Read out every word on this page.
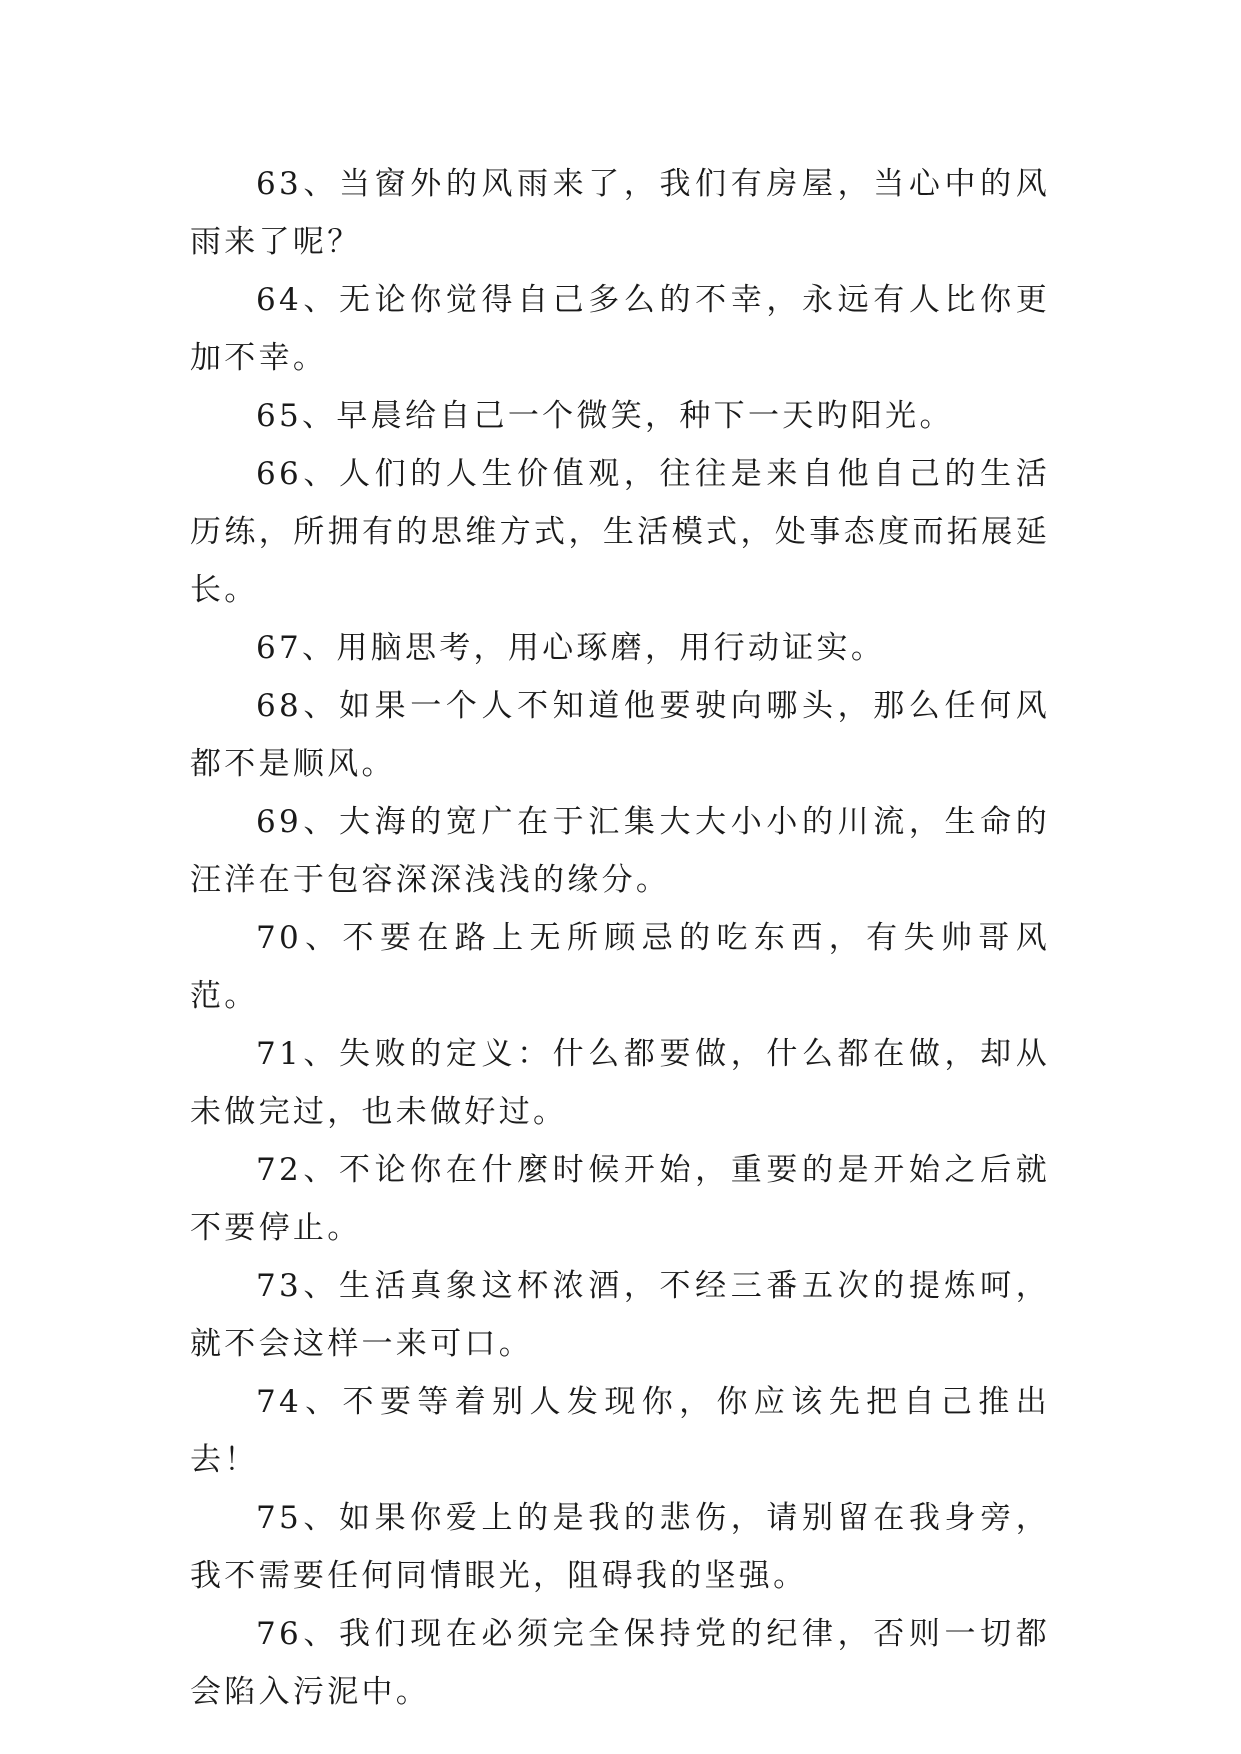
63、当窗外的风雨来了，我们有房屋，当心中的风雨来了呢？

64、无论你觉得自己多么的不幸，永远有人比你更加不幸。

65、早晨给自己一个微笑，种下一天旳阳光。

66、人们的人生价值观，往往是来自他自己的生活历练，所拥有的思维方式，生活模式，处事态度而拓展延长。

67、用脑思考，用心琢磨，用行动证实。

68、如果一个人不知道他要驶向哪头，那么任何风都不是顺风。

69、大海的宽广在于汇集大大小小的川流，生命的汪洋在于包容深深浅浅的缘分。

70、不要在路上无所顾忌的吃东西，有失帅哥风范。

71、失败的定义：什么都要做，什么都在做，却从未做完过，也未做好过。

72、不论你在什麼时候开始，重要的是开始之后就不要停止。

73、生活真象这杯浓酒，不经三番五次的提炼呵，就不会这样一来可口。

74、不要等着别人发现你，你应该先把自己推出去！

75、如果你爱上的是我的悲伤，请别留在我身旁，我不需要任何同情眼光，阻碍我的坚强。

76、我们现在必须完全保持党的纪律，否则一切都会陷入污泥中。
